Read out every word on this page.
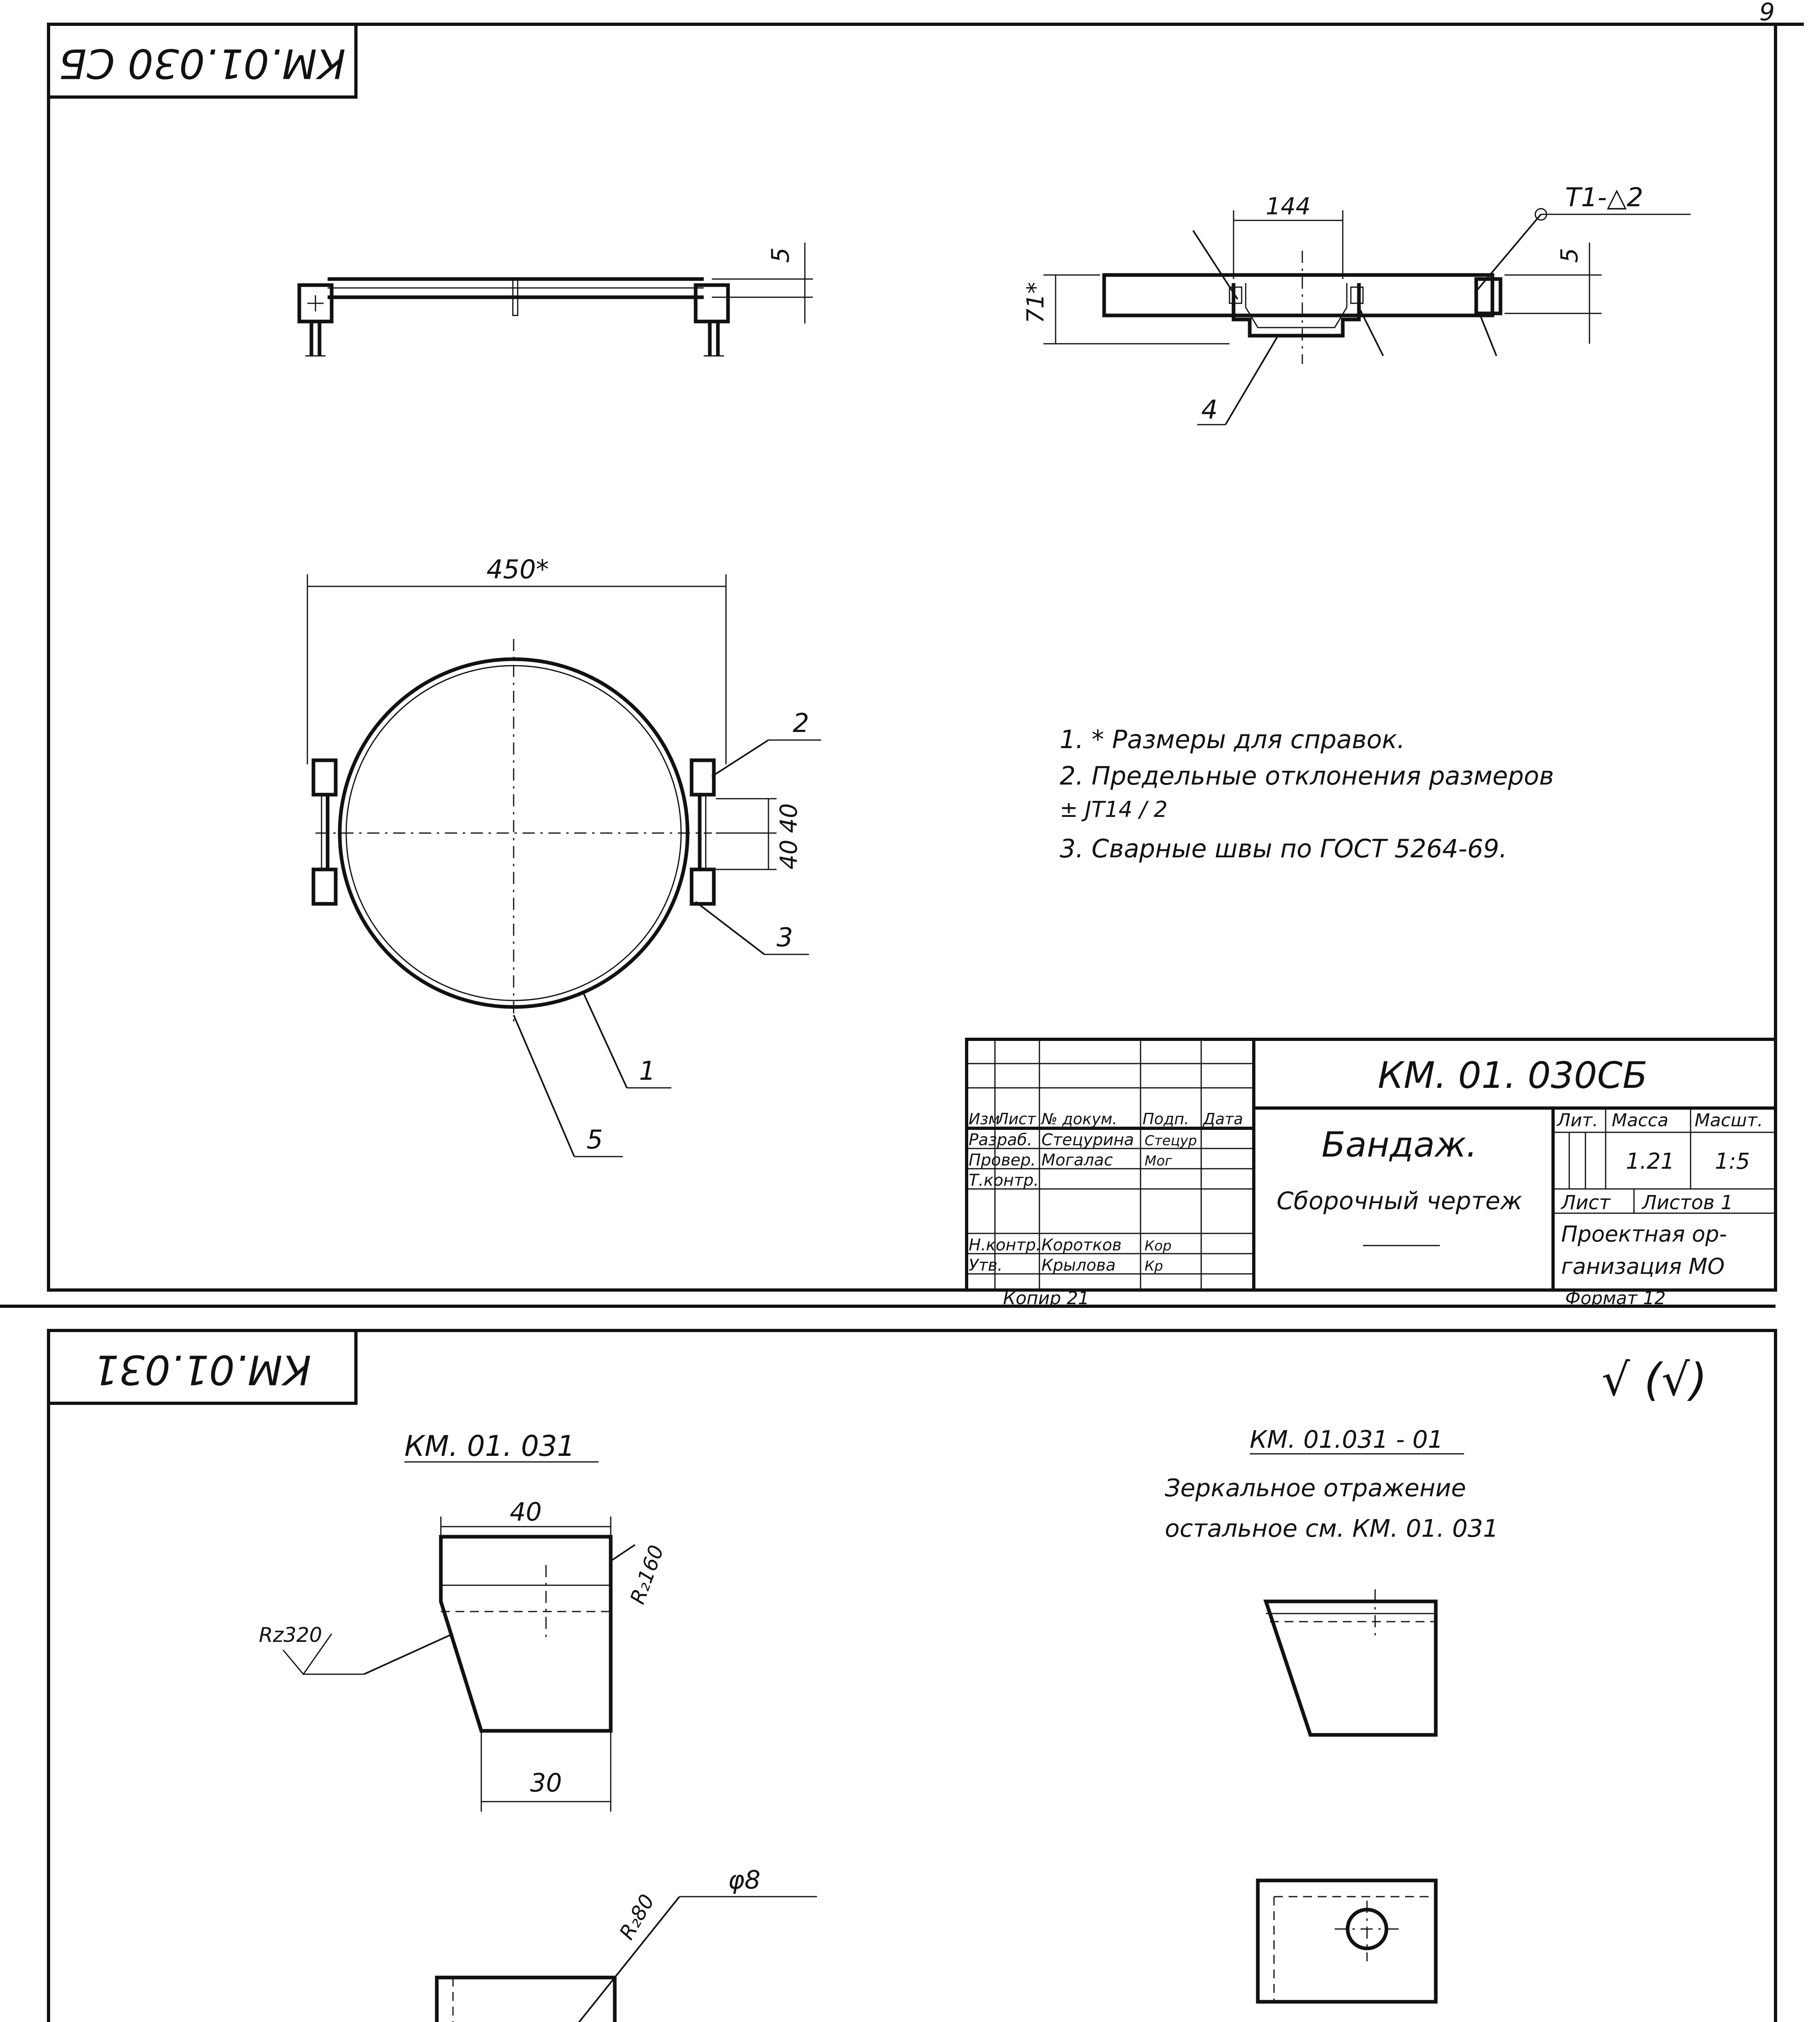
9
КМ.01.030 СБ
5
144
71*
5
Т1-△2
4
450*
40
40
2
3
1
5
1. * Размеры для справок.
2. Предельные отклонения размеров
± JT14 / 2
3. Сварные швы по ГОСТ 5264-69.
КМ. 01. 030СБ
Бандаж.
Сборочный чертеж
Изм
Лист № докум. Подп. Дата
Разраб. Стецурина Стецур
Провер. Могалас Мог
Т.контр.
Н.контр. Коротков Кор
Утв. Крылова Кр
Лит. Масса Масшт.
1.21 1:5
Лист Листов 1
Проектная ор-
ганизация МО
Копир 21	Формат 12
КМ.01.031	√ (√)
КМ. 01. 031
40
30
Rz320
R₂160
φ8
R₂80
КМ. 01.031 - 01
Зеркальное отражение
остальное см. КМ. 01. 031
